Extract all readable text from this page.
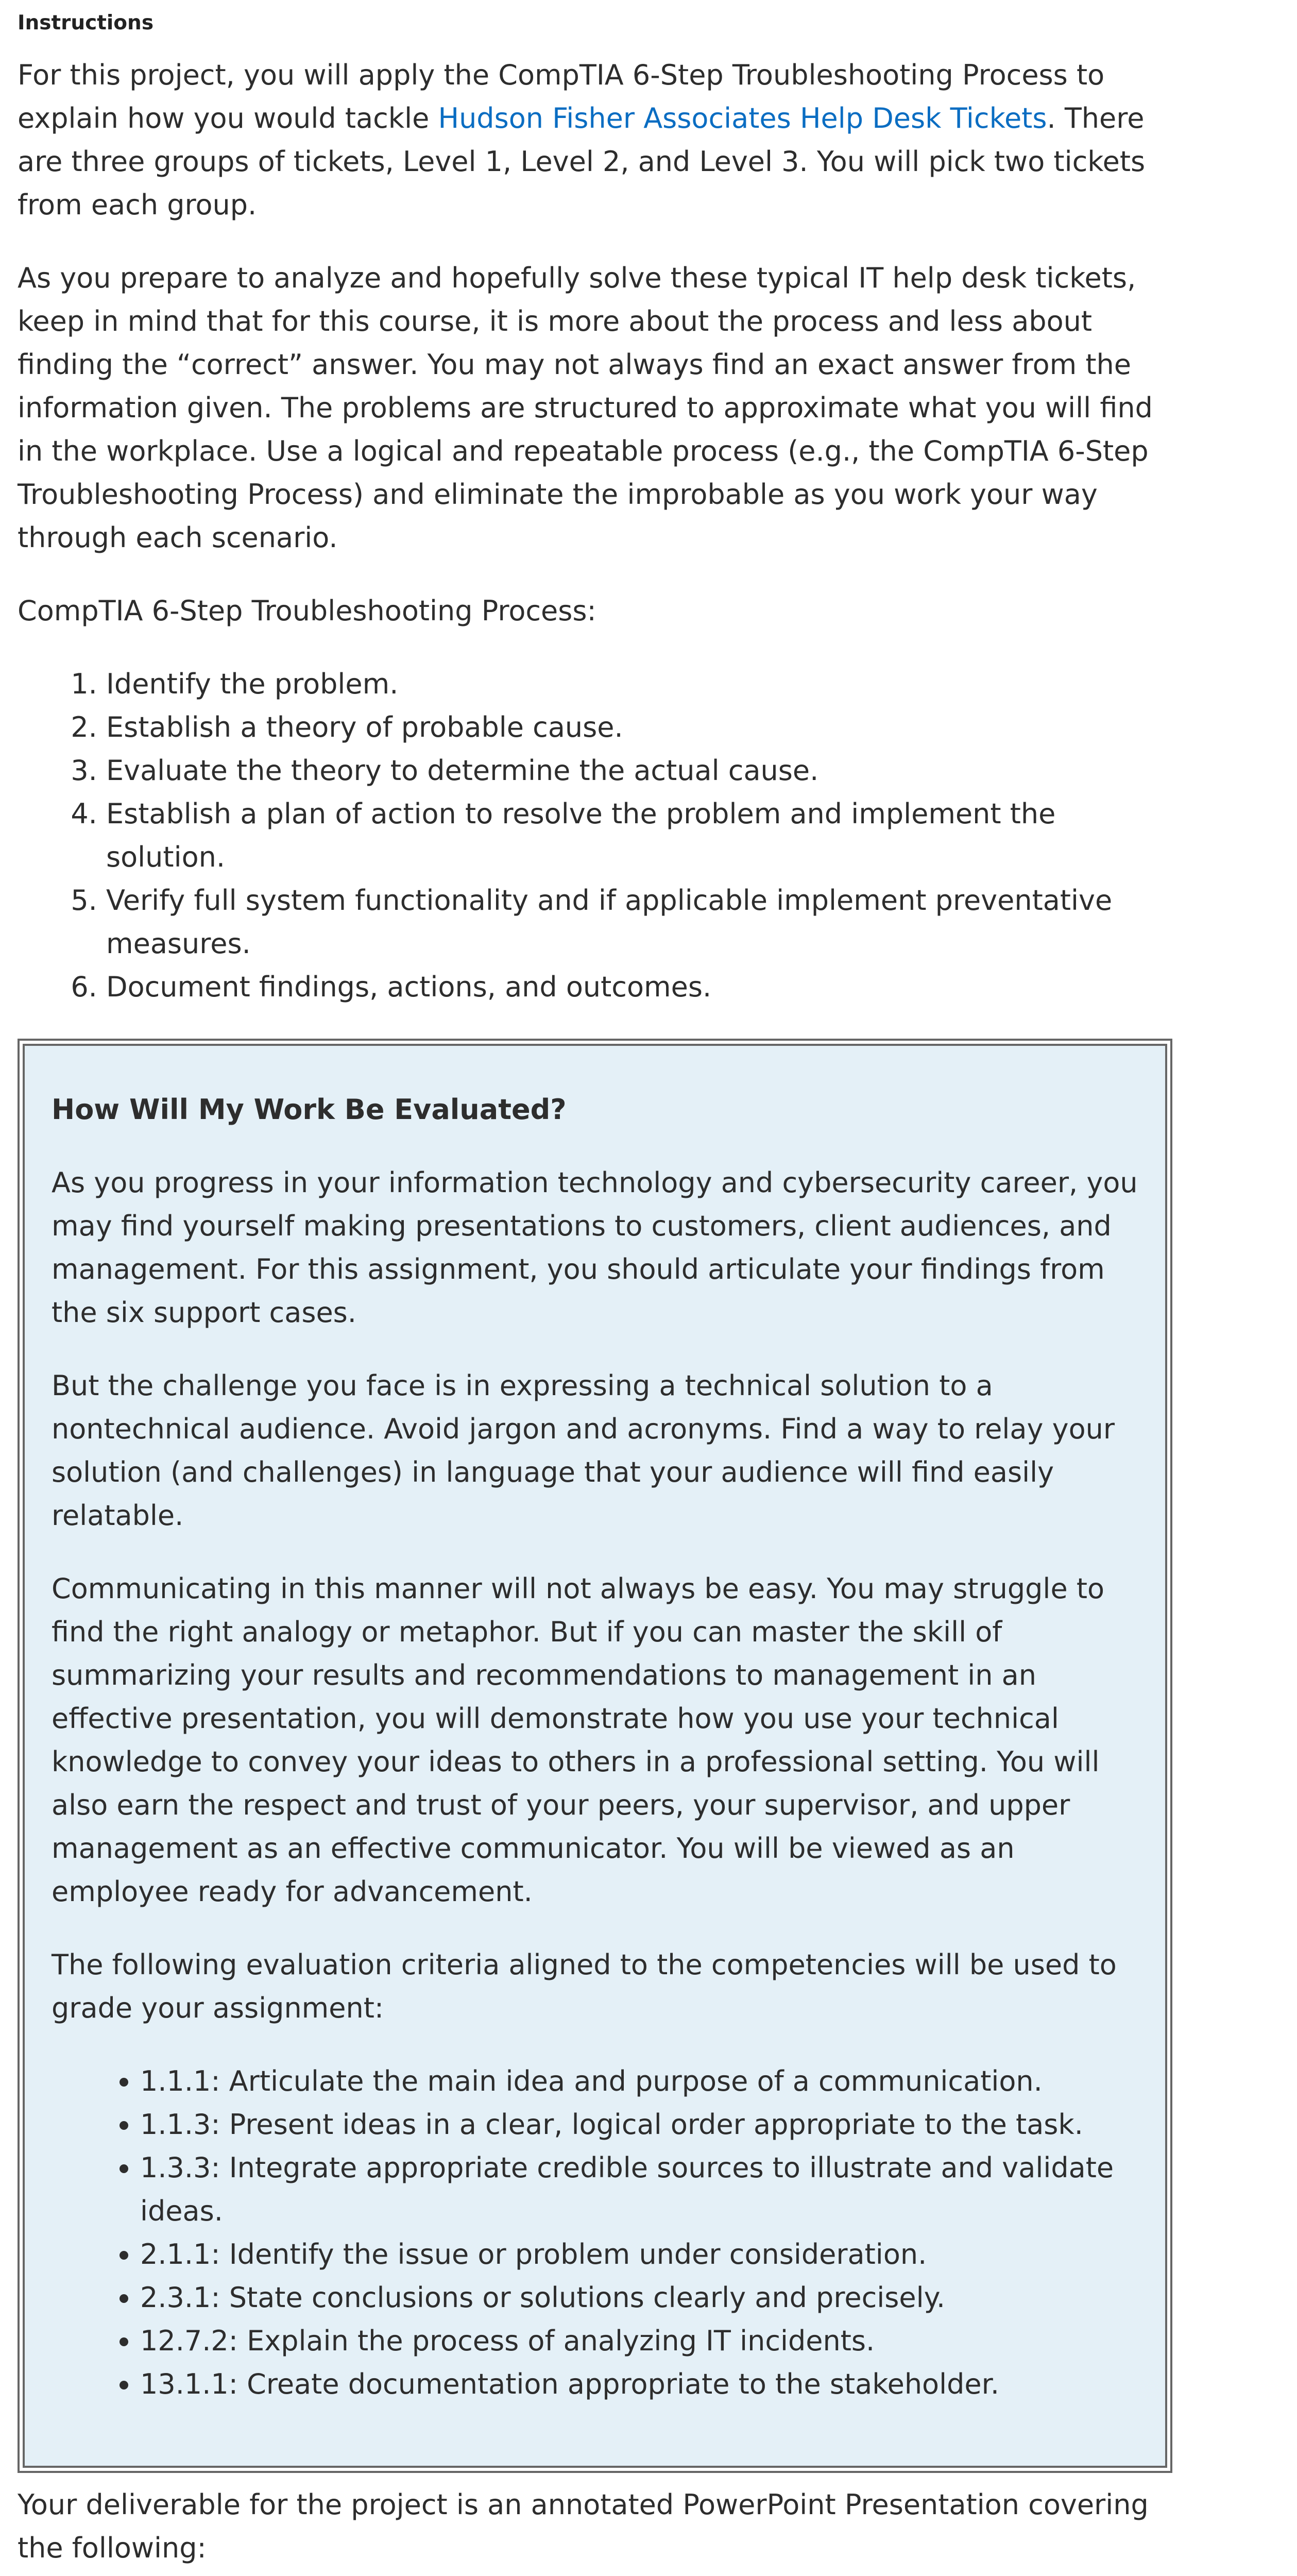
Instructions

For this project, you will apply the CompTIA 6-Step Troubleshooting Process to explain how you would tackle Hudson Fisher Associates Help Desk Tickets. There are three groups of tickets, Level 1, Level 2, and Level 3. You will pick two tickets from each group.

As you prepare to analyze and hopefully solve these typical IT help desk tickets, keep in mind that for this course, it is more about the process and less about finding the “correct” answer. You may not always find an exact answer from the information given. The problems are structured to approximate what you will find in the workplace. Use a logical and repeatable process (e.g., the CompTIA 6-Step Troubleshooting Process) and eliminate the improbable as you work your way through each scenario.

CompTIA 6-Step Troubleshooting Process:

1. Identify the problem.
2. Establish a theory of probable cause.
3. Evaluate the theory to determine the actual cause.
4. Establish a plan of action to resolve the problem and implement the solution.
5. Verify full system functionality and if applicable implement preventative measures.
6. Document findings, actions, and outcomes.
How Will My Work Be Evaluated?

As you progress in your information technology and cybersecurity career, you may find yourself making presentations to customers, client audiences, and management. For this assignment, you should articulate your findings from the six support cases.

But the challenge you face is in expressing a technical solution to a nontechnical audience. Avoid jargon and acronyms. Find a way to relay your solution (and challenges) in language that your audience will find easily relatable.

Communicating in this manner will not always be easy. You may struggle to find the right analogy or metaphor. But if you can master the skill of summarizing your results and recommendations to management in an effective presentation, you will demonstrate how you use your technical knowledge to convey your ideas to others in a professional setting. You will also earn the respect and trust of your peers, your supervisor, and upper management as an effective communicator. You will be viewed as an employee ready for advancement.

The following evaluation criteria aligned to the competencies will be used to grade your assignment:

• 1.1.1: Articulate the main idea and purpose of a communication.
• 1.1.3: Present ideas in a clear, logical order appropriate to the task.
• 1.3.3: Integrate appropriate credible sources to illustrate and validate ideas.
• 2.1.1: Identify the issue or problem under consideration.
• 2.3.1: State conclusions or solutions clearly and precisely.
• 12.7.2: Explain the process of analyzing IT incidents.
• 13.1.1: Create documentation appropriate to the stakeholder.

Your deliverable for the project is an annotated PowerPoint Presentation covering the following:
